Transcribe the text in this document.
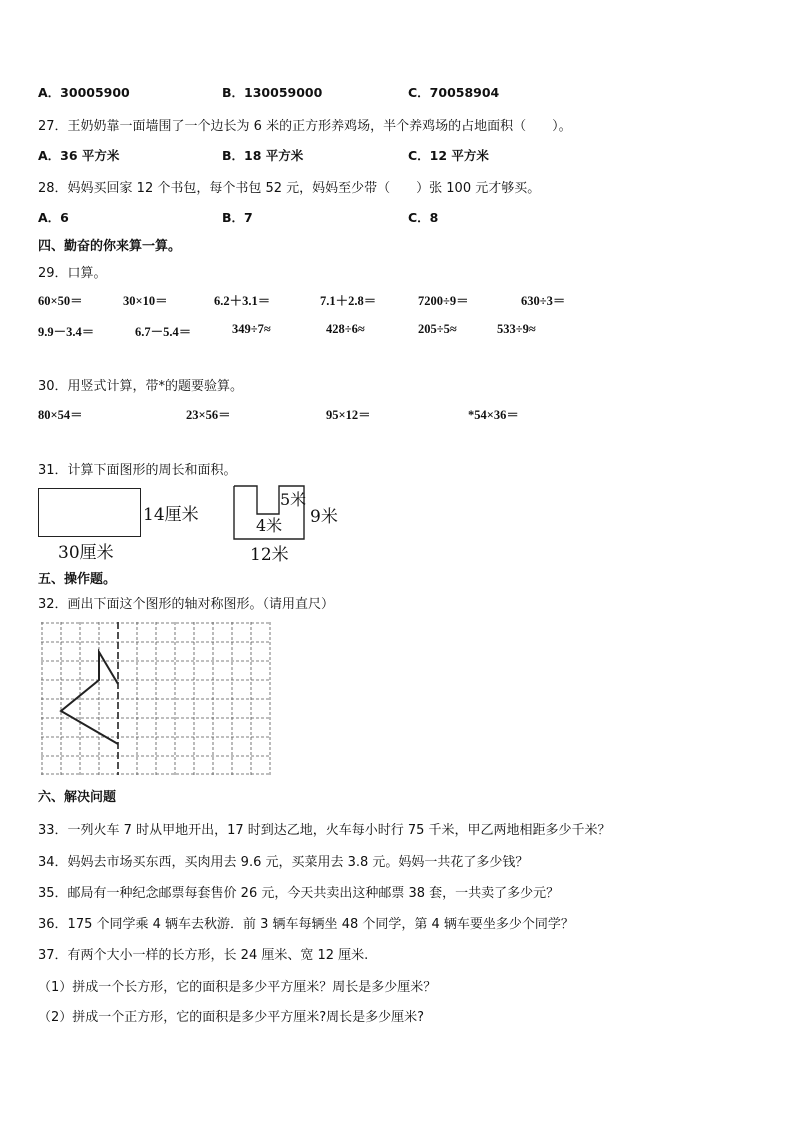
A．30005900	B．130059000	C．70058904
27．王奶奶靠一面墙围了一个边长为 6 米的正方形养鸡场，半个养鸡场的占地面积（　　）。
A．36 平方米	B．18 平方米	C．12 平方米
28．妈妈买回家 12 个书包，每个书包 52 元，妈妈至少带（　　）张 100 元才够买。
A．6	B．7	C．8
四、勤奋的你来算一算。
29．口算。
60×50＝	30×10＝	6.2＋3.1＝	7.1＋2.8＝	7200÷9＝	630÷3＝
9.9－3.4＝	6.7－5.4＝	349÷7≈	428÷6≈	205÷5≈	533÷9≈
30．用竖式计算，带*的题要验算。
80×54＝	23×56＝	95×12＝	*54×36＝
31．计算下面图形的周长和面积。
14厘米
30厘米
5米
4米 9米
12米
五、操作题。
32．画出下面这个图形的轴对称图形。（请用直尺）
六、解决问题
33．一列火车 7 时从甲地开出，17 时到达乙地，火车每小时行 75 千米，甲乙两地相距多少千米？
34．妈妈去市场买东西，买肉用去 9.6 元，买菜用去 3.8 元。妈妈一共花了多少钱？
35．邮局有一种纪念邮票每套售价 26 元，今天共卖出这种邮票 38 套，一共卖了多少元？
36．175 个同学乘 4 辆车去秋游．前 3 辆车每辆坐 48 个同学，第 4 辆车要坐多少个同学？
37．有两个大小一样的长方形，长 24 厘米、宽 12 厘米.
（1）拼成一个长方形，它的面积是多少平方厘米？周长是多少厘米？
（2）拼成一个正方形，它的面积是多少平方厘米?周长是多少厘米?
